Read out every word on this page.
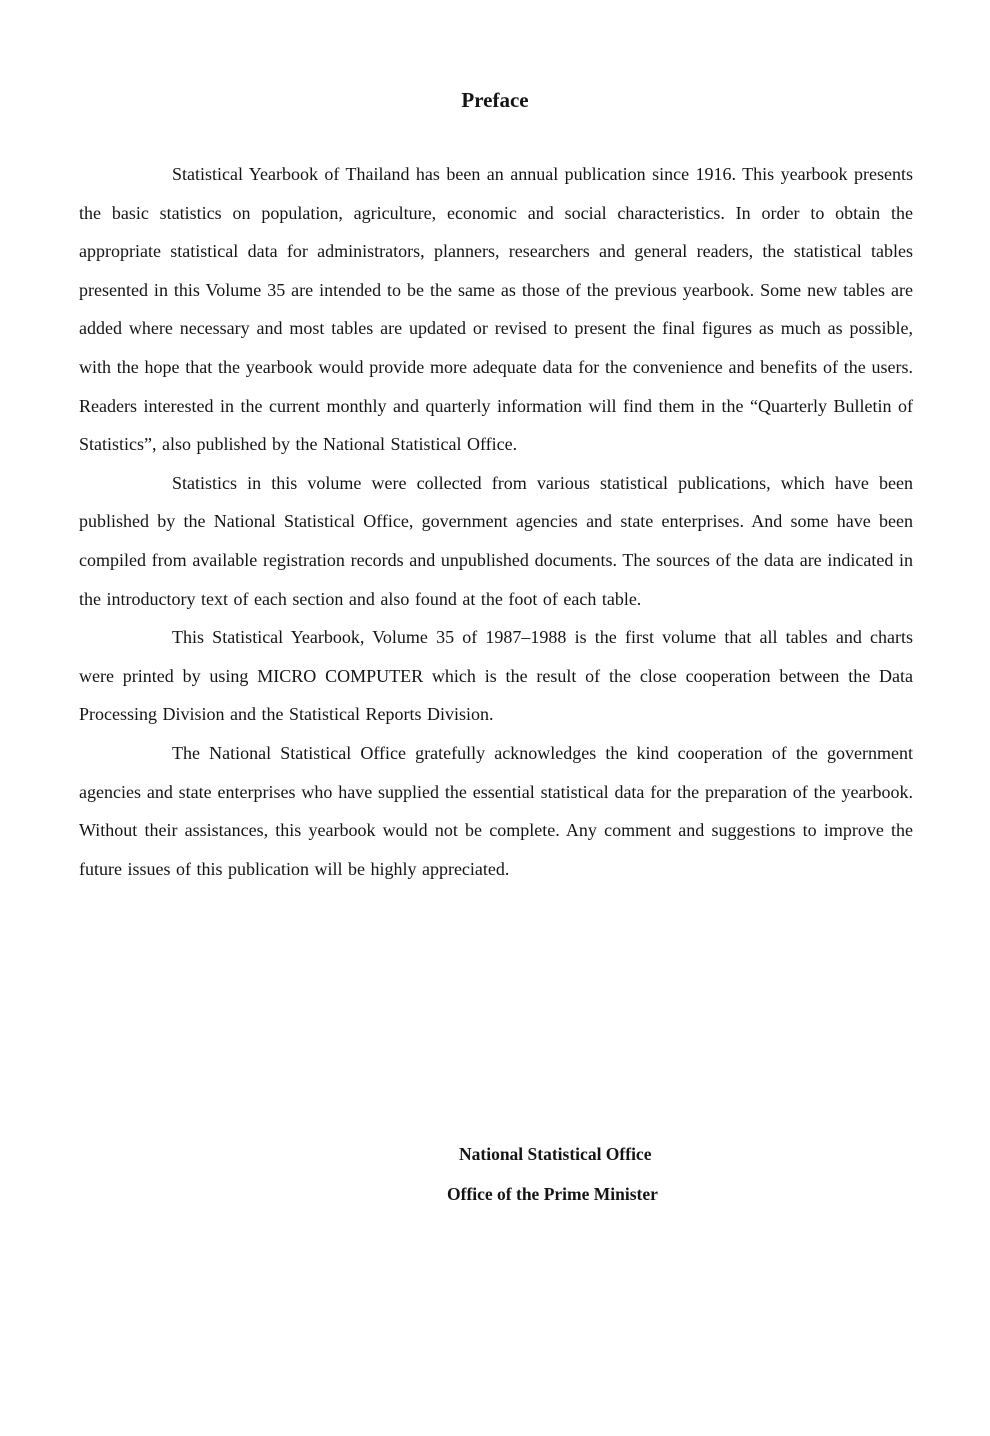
Preface

Statistical Yearbook of Thailand has been an annual publication since 1916. This yearbook presents the basic statistics on population, agriculture, economic and social characteristics. In order to obtain the appropriate statistical data for administrators, planners, researchers and general readers, the statistical tables presented in this Volume 35 are intended to be the same as those of the previous yearbook. Some new tables are added where necessary and most tables are updated or revised to present the final figures as much as possible, with the hope that the yearbook would provide more adequate data for the convenience and benefits of the users. Readers interested in the current monthly and quarterly information will find them in the “Quarterly Bulletin of Statistics”, also published by the National Statistical Office.

Statistics in this volume were collected from various statistical publications, which have been published by the National Statistical Office, government agencies and state enterprises. And some have been compiled from available registration records and unpublished documents. The sources of the data are indicated in the introductory text of each section and also found at the foot of each table.

This Statistical Yearbook, Volume 35 of 1987–1988 is the first volume that all tables and charts were printed by using MICRO COMPUTER which is the result of the close cooperation between the Data Processing Division and the Statistical Reports Division.

The National Statistical Office gratefully acknowledges the kind cooperation of the government agencies and state enterprises who have supplied the essential statistical data for the preparation of the yearbook. Without their assistances, this yearbook would not be complete. Any comment and suggestions to improve the future issues of this publication will be highly appreciated.

National Statistical Office
Office of the Prime Minister
